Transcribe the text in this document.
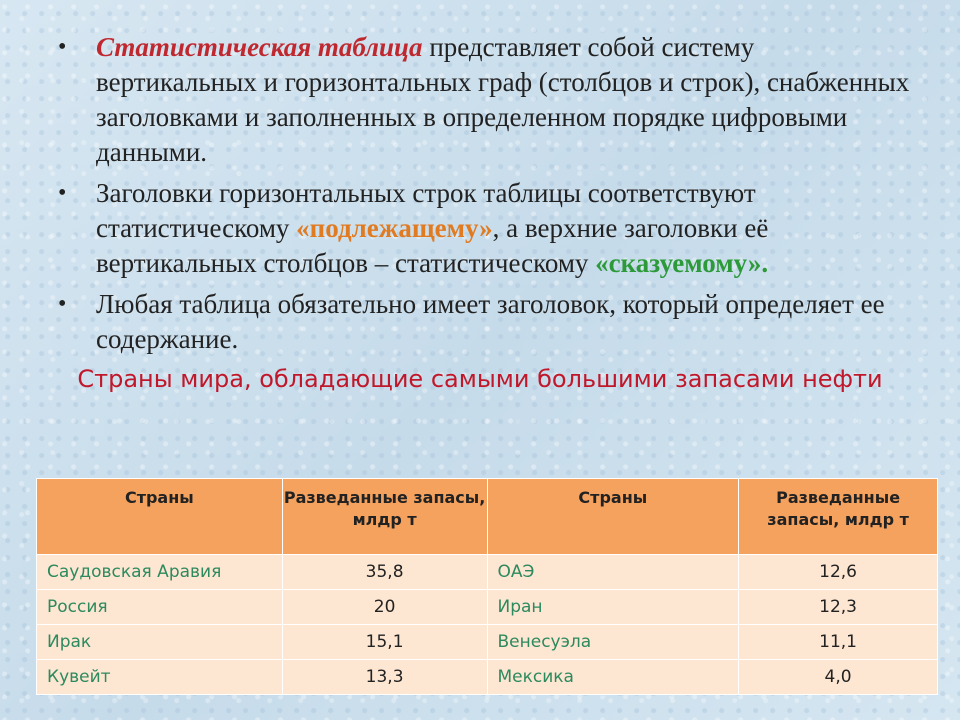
• Статистическая таблица представляет собой систему вертикальных и горизонтальных граф (столбцов и строк), снабженных заголовками и заполненных в определенном порядке цифровыми данными.
• Заголовки горизонтальных строк таблицы соответствуют статистическому «подлежащему», а верхние заголовки её вертикальных столбцов – статистическому «сказуемому».
• Любая таблица обязательно имеет заголовок, который определяет ее содержание.
Страны мира, обладающие самыми большими запасами нефти
Страны	Разведанные запасы, млдр т	Страны	Разведанные запасы, млдр т
Саудовская Аравия	35,8	ОАЭ	12,6
Россия	20	Иран	12,3
Ирак	15,1	Венесуэла	11,1
Кувейт	13,3	Мексика	4,0
